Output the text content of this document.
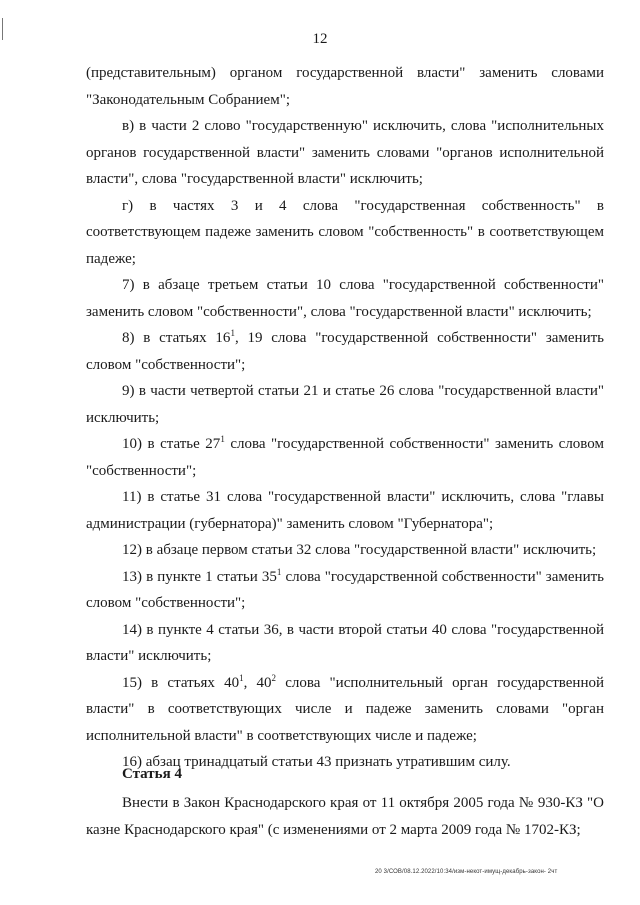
12

(представительным) органом государственной власти" заменить словами "Законодательным Собранием";

в) в части 2 слово "государственную" исключить, слова "исполнительных органов государственной власти" заменить словами "органов исполнительной власти", слова "государственной власти" исключить;

г) в частях 3 и 4 слова "государственная собственность" в соответствующем падеже заменить словом "собственность" в соответствующем падеже;

7) в абзаце третьем статьи 10 слова "государственной собственности" заменить словом "собственности", слова "государственной власти" исключить;

8) в статьях $16^1$, 19 слова "государственной собственности" заменить словом "собственности";

9) в части четвертой статьи 21 и статье 26 слова "государственной власти" исключить;

10) в статье $27^1$ слова "государственной собственности" заменить словом "собственности";

11) в статье 31 слова "государственной власти" исключить, слова "главы администрации (губернатора)" заменить словом "Губернатора";

12) в абзаце первом статьи 32 слова "государственной власти" исключить;

13) в пункте 1 статьи $35^1$ слова "государственной собственности" заменить словом "собственности";

14) в пункте 4 статьи 36, в части второй статьи 40 слова "государственной власти" исключить;

15) в статьях $40^1$, $40^2$ слова "исполнительный орган государственной власти" в соответствующих числе и падеже заменить словами "орган исполнительной власти" в соответствующих числе и падеже;

16) абзац тринадцатый статьи 43 признать утратившим силу.

Статья 4

Внести в Закон Краснодарского края от 11 октября 2005 года № 930-КЗ "О казне Краснодарского края" (с изменениями от 2 марта 2009 года № 1702-КЗ;

20 3/СОВ/08.12.2022/10:34/изм-некот-имущ-декабрь-закон- 2чт
